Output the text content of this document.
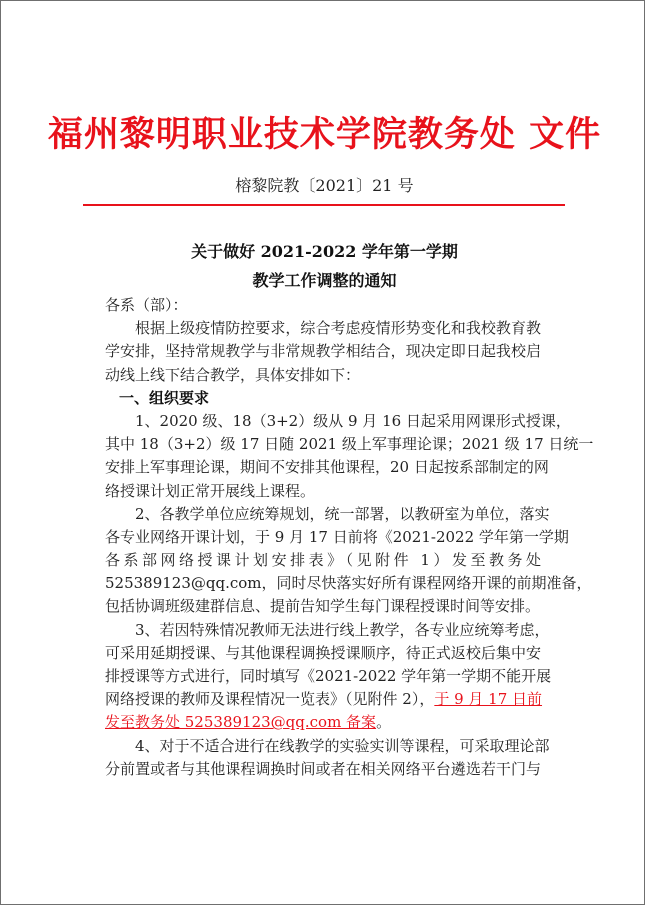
福州黎明职业技术学院教务处 文件
榕黎院教〔2021〕21 号
关于做好 2021-2022 学年第一学期
教学工作调整的通知
各系（部）：
根据上级疫情防控要求，综合考虑疫情形势变化和我校教育教
学安排，坚持常规教学与非常规教学相结合，现决定即日起我校启
动线上线下结合教学，具体安排如下：
一、组织要求
1、2020 级、18（3+2）级从 9 月 16 日起采用网课形式授课，
其中 18（3+2）级 17 日随 2021 级上军事理论课；2021 级 17 日统一
安排上军事理论课，期间不安排其他课程，20 日起按系部制定的网
络授课计划正常开展线上课程。
2、各教学单位应统筹规划，统一部署，以教研室为单位，落实
各专业网络开课计划，于 9 月 17 日前将《2021-2022 学年第一学期
各系部网络授课计划安排表》（见附件 1）发至教务处
525389123@qq.com，同时尽快落实好所有课程网络开课的前期准备，
包括协调班级建群信息、提前告知学生每门课程授课时间等安排。
3、若因特殊情况教师无法进行线上教学，各专业应统筹考虑，
可采用延期授课、与其他课程调换授课顺序，待正式返校后集中安
排授课等方式进行，同时填写《2021-2022 学年第一学期不能开展
网络授课的教师及课程情况一览表》（见附件 2），于 9 月 17 日前
发至教务处 525389123@qq.com 备案。
4、对于不适合进行在线教学的实验实训等课程，可采取理论部
分前置或者与其他课程调换时间或者在相关网络平台遴选若干门与
